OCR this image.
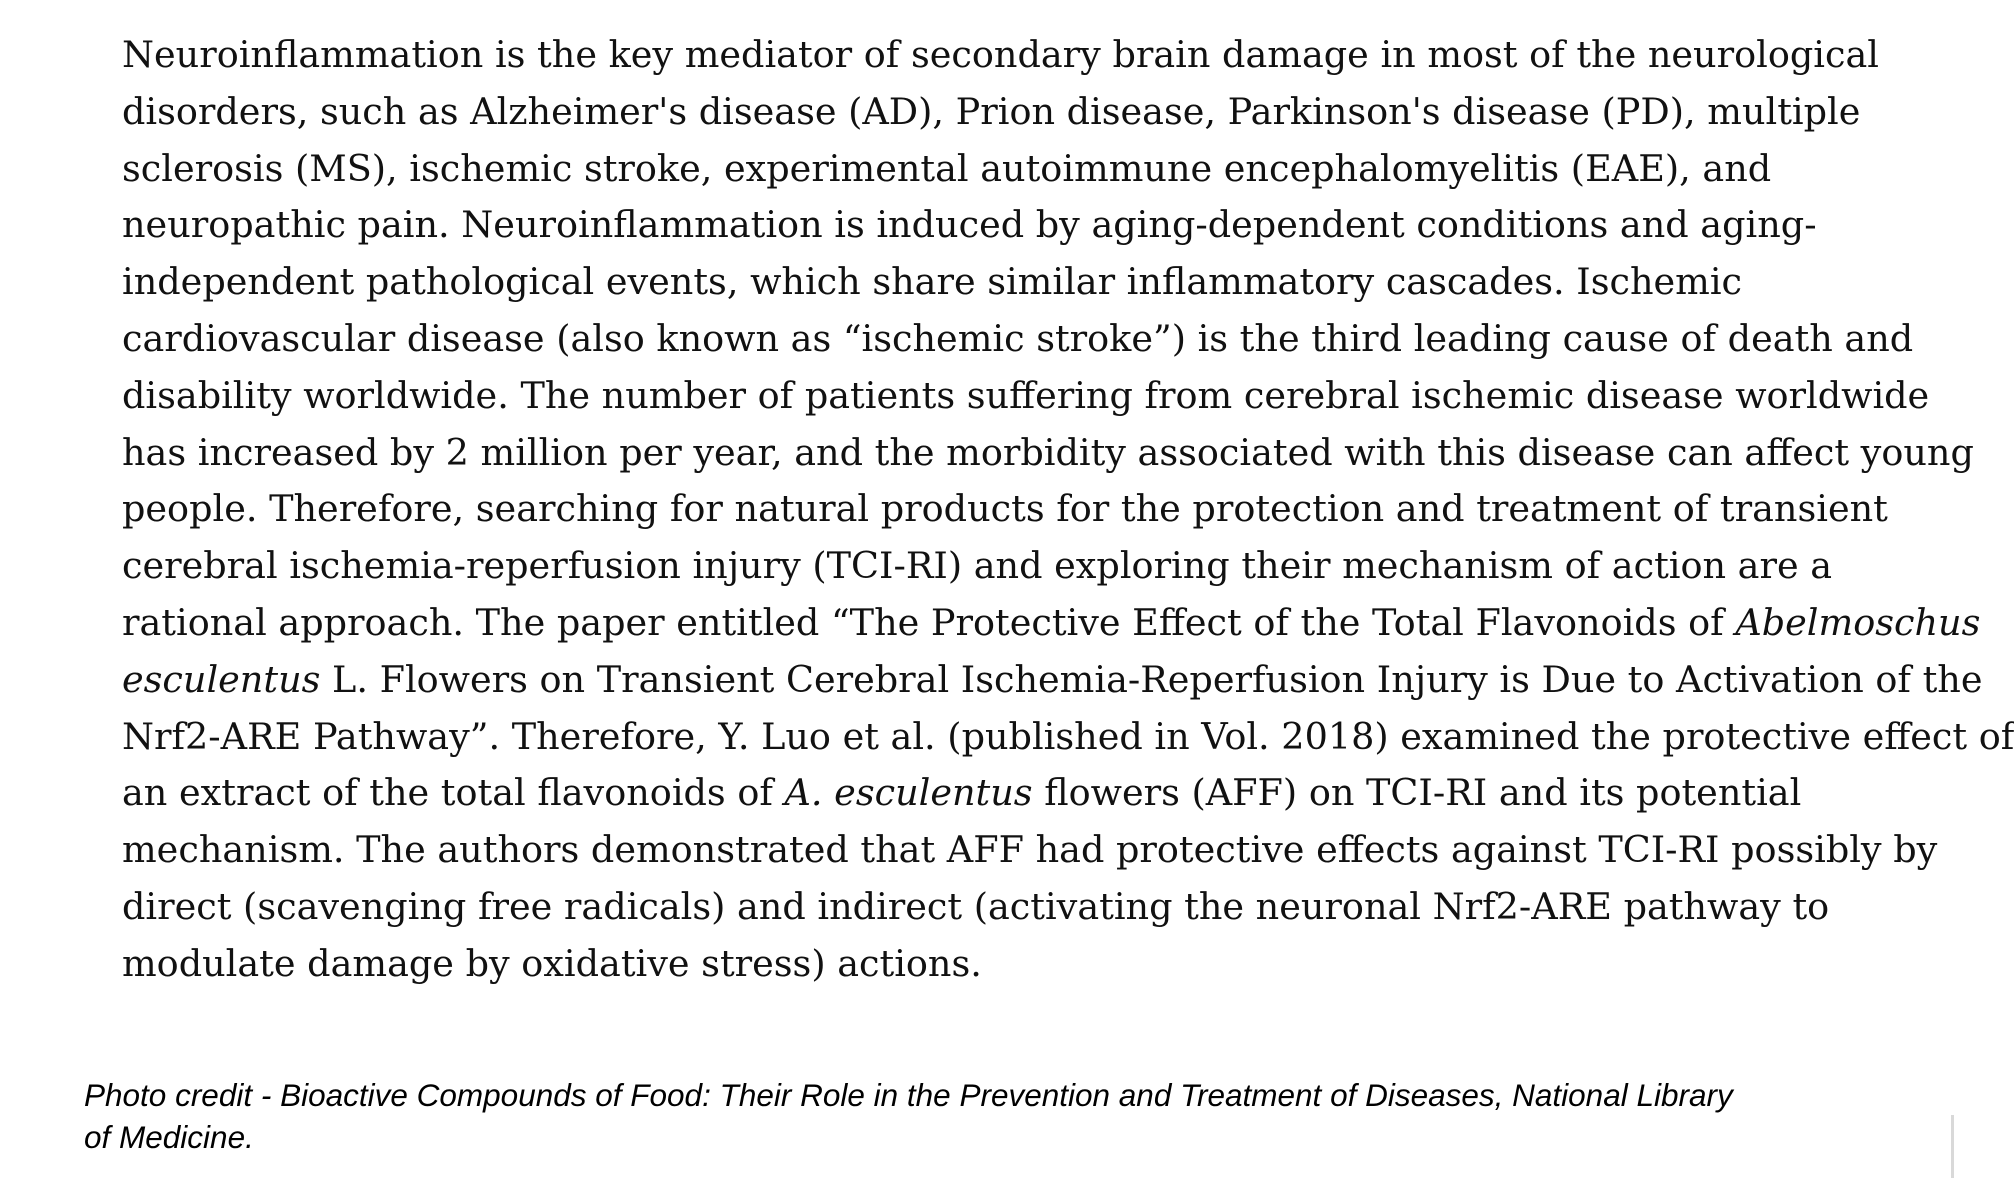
Neuroinflammation is the key mediator of secondary brain damage in most of the neurological
disorders, such as Alzheimer's disease (AD), Prion disease, Parkinson's disease (PD), multiple
sclerosis (MS), ischemic stroke, experimental autoimmune encephalomyelitis (EAE), and
neuropathic pain. Neuroinflammation is induced by aging-dependent conditions and aging-
independent pathological events, which share similar inflammatory cascades. Ischemic
cardiovascular disease (also known as “ischemic stroke”) is the third leading cause of death and
disability worldwide. The number of patients suffering from cerebral ischemic disease worldwide
has increased by 2 million per year, and the morbidity associated with this disease can affect young
people. Therefore, searching for natural products for the protection and treatment of transient
cerebral ischemia-reperfusion injury (TCI-RI) and exploring their mechanism of action are a
rational approach. The paper entitled “The Protective Effect of the Total Flavonoids of Abelmoschus
esculentus L. Flowers on Transient Cerebral Ischemia-Reperfusion Injury is Due to Activation of the
Nrf2-ARE Pathway”. Therefore, Y. Luo et al. (published in Vol. 2018) examined the protective effect of
an extract of the total flavonoids of A. esculentus flowers (AFF) on TCI-RI and its potential
mechanism. The authors demonstrated that AFF had protective effects against TCI-RI possibly by
direct (scavenging free radicals) and indirect (activating the neuronal Nrf2-ARE pathway to
modulate damage by oxidative stress) actions.
Photo credit - Bioactive Compounds of Food: Their Role in the Prevention and Treatment of Diseases, National Library
of Medicine.
